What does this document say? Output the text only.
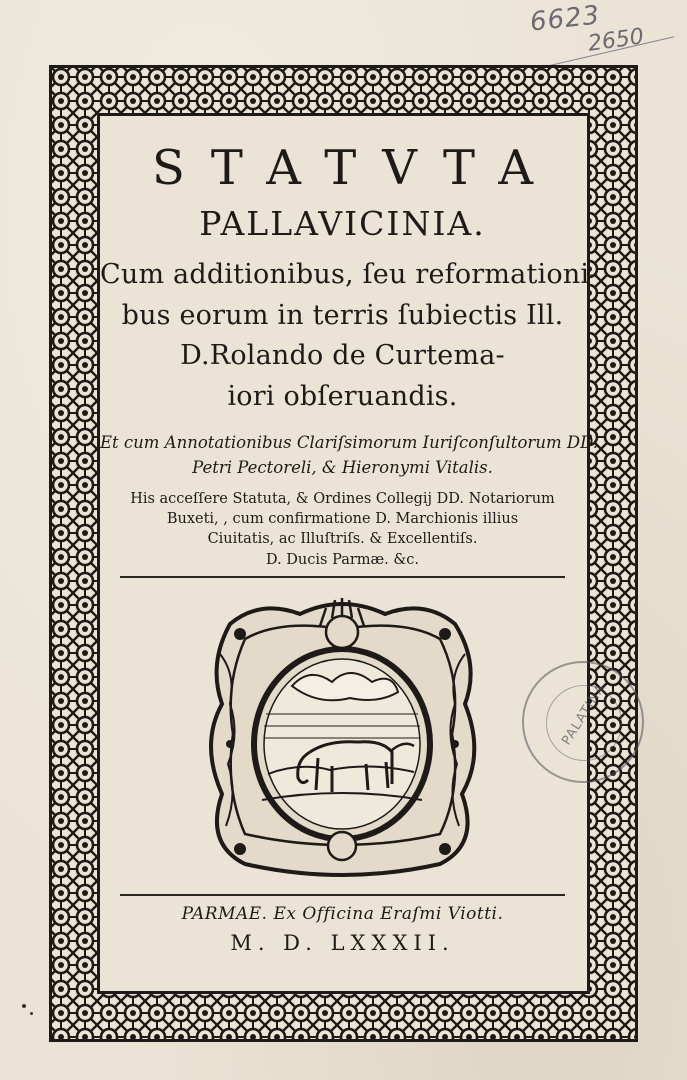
6623
2650
STATVTA
PALLAVICINIA.
Cum additionibus, ſeu reformationi-
bus eorum in terris ſubiectis Ill.
D.Rolando de Curtema-
iori obſeruandis.
Et cum Annotationibus Clariſsimorum Iuriſconſultorum DD.
Petri Pectoreli, & Hieronymi Vitalis.
His acceſſere Statuta, & Ordines Collegij DD. Notariorum
Buxeti, , cum confirmatione D. Marchionis illius
Ciuitatis, ac Illuſtriſs. & Excellentiſs.
D. Ducis Parmæ. &c.
PARMAE. Ex Officina Eraſmi Viotti.
M. D. LXXXII.
PALATINA
